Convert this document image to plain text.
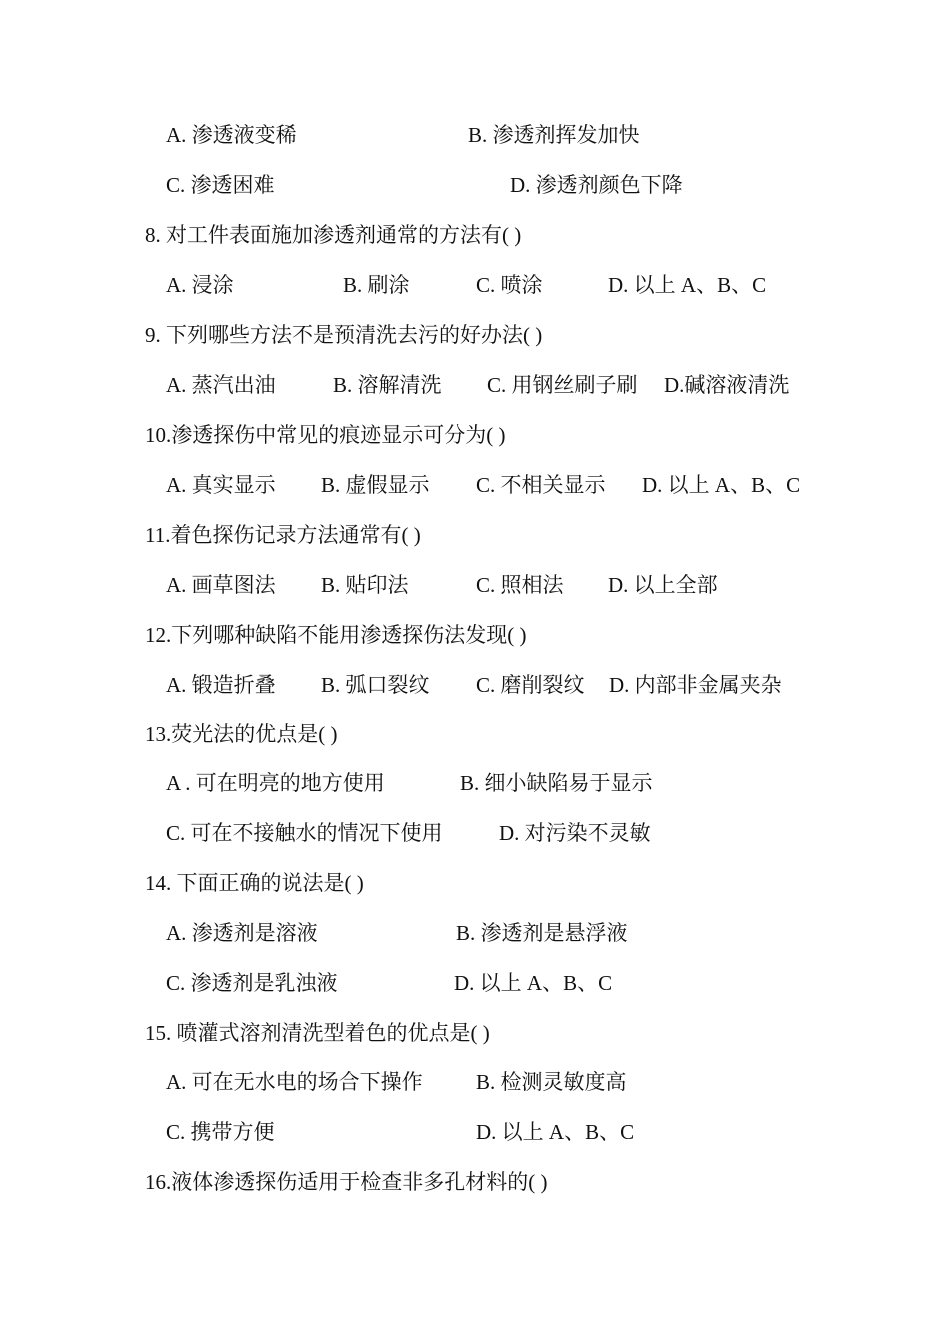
A. 渗透液变稀	B. 渗透剂挥发加快
C. 渗透困难	D. 渗透剂颜色下降
8. 对工件表面施加渗透剂通常的方法有( )
A. 浸涂	B. 刷涂	C. 喷涂	D. 以上 A、B、C
9. 下列哪些方法不是预清洗去污的好办法( )
A. 蒸汽出油	B. 溶解清洗 C. 用钢丝刷子刷 D.碱溶液清洗
10.渗透探伤中常见的痕迹显示可分为( )
A. 真实显示 B. 虚假显示 C. 不相关显示 D. 以上 A、B、C
11.着色探伤记录方法通常有( )
A. 画草图法 B. 贴印法	C. 照相法 D. 以上全部
12.下列哪种缺陷不能用渗透探伤法发现( )
A. 锻造折叠 B. 弧口裂纹 C. 磨削裂纹 D. 内部非金属夹杂
13.荧光法的优点是( )
A . 可在明亮的地方使用	B. 细小缺陷易于显示
C. 可在不接触水的情况下使用	D. 对污染不灵敏
14. 下面正确的说法是( )
A. 渗透剂是溶液	B. 渗透剂是悬浮液
C. 渗透剂是乳浊液	D. 以上 A、B、C
15. 喷灌式溶剂清洗型着色的优点是( )
A. 可在无水电的场合下操作	B. 检测灵敏度高
C. 携带方便	D. 以上 A、B、C
16.液体渗透探伤适用于检查非多孔材料的( )
